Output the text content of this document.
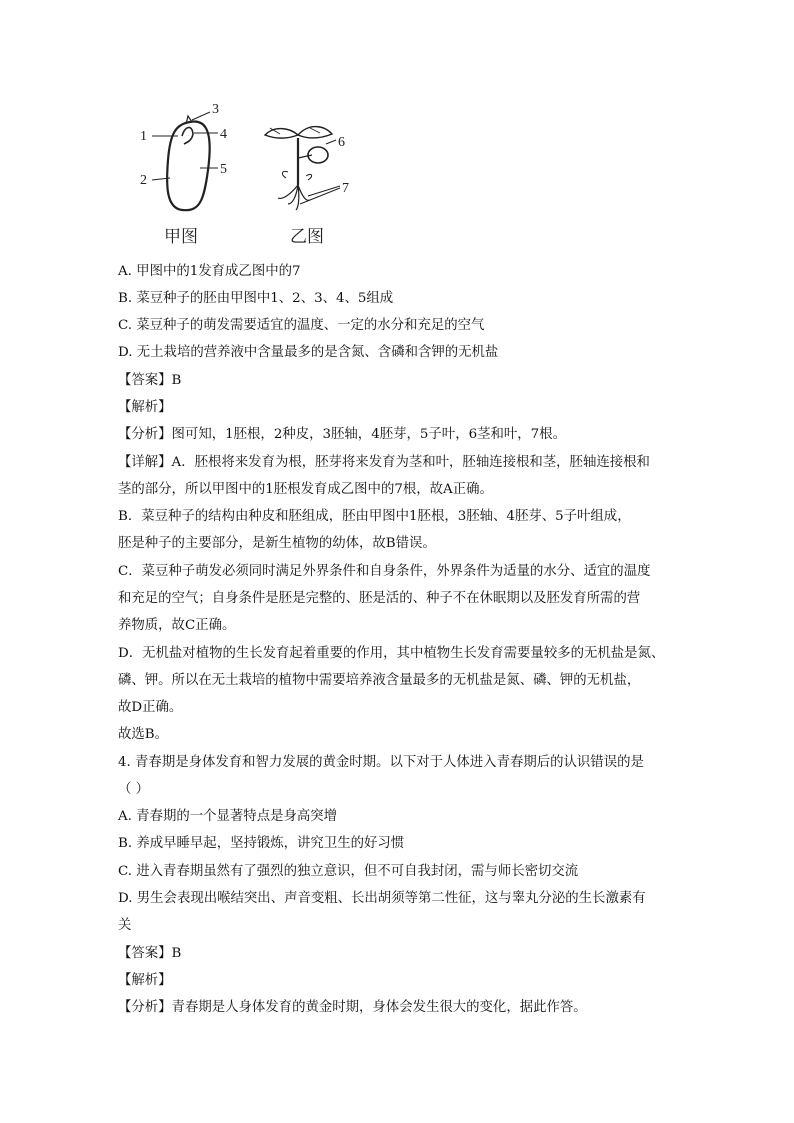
1
2
3
4
5
6
7
甲图	乙图
A. 甲图中的1发育成乙图中的7
B. 菜豆种子的胚由甲图中1、2、3、4、5组成
C. 菜豆种子的萌发需要适宜的温度、一定的水分和充足的空气
D. 无土栽培的营养液中含量最多的是含氮、含磷和含钾的无机盐
【答案】B
【解析】
【分析】图可知，1胚根，2种皮，3胚轴，4胚芽，5子叶，6茎和叶，7根。
【详解】A．胚根将来发育为根，胚芽将来发育为茎和叶，胚轴连接根和茎，胚轴连接根和
茎的部分，所以甲图中的1胚根发育成乙图中的7根，故A正确。
B．菜豆种子的结构由种皮和胚组成，胚由甲图中1胚根，3胚轴、4胚芽、5子叶组成，
胚是种子的主要部分，是新生植物的幼体，故B错误。
C．菜豆种子萌发必须同时满足外界条件和自身条件，外界条件为适量的水分、适宜的温度
和充足的空气；自身条件是胚是完整的、胚是活的、种子不在休眠期以及胚发育所需的营
养物质，故C正确。
D．无机盐对植物的生长发育起着重要的作用，其中植物生长发育需要量较多的无机盐是氮、
磷、钾。所以在无土栽培的植物中需要培养液含量最多的无机盐是氮、磷、钾的无机盐，
故D正确。
故选B。
4. 青春期是身体发育和智力发展的黄金时期。以下对于人体进入青春期后的认识错误的是
（ ）
A. 青春期的一个显著特点是身高突增
B. 养成早睡早起，坚持锻炼，讲究卫生的好习惯
C. 进入青春期虽然有了强烈的独立意识，但不可自我封闭，需与师长密切交流
D. 男生会表现出喉结突出、声音变粗、长出胡须等第二性征，这与睾丸分泌的生长激素有
关
【答案】B
【解析】
【分析】青春期是人身体发育的黄金时期，身体会发生很大的变化，据此作答。
